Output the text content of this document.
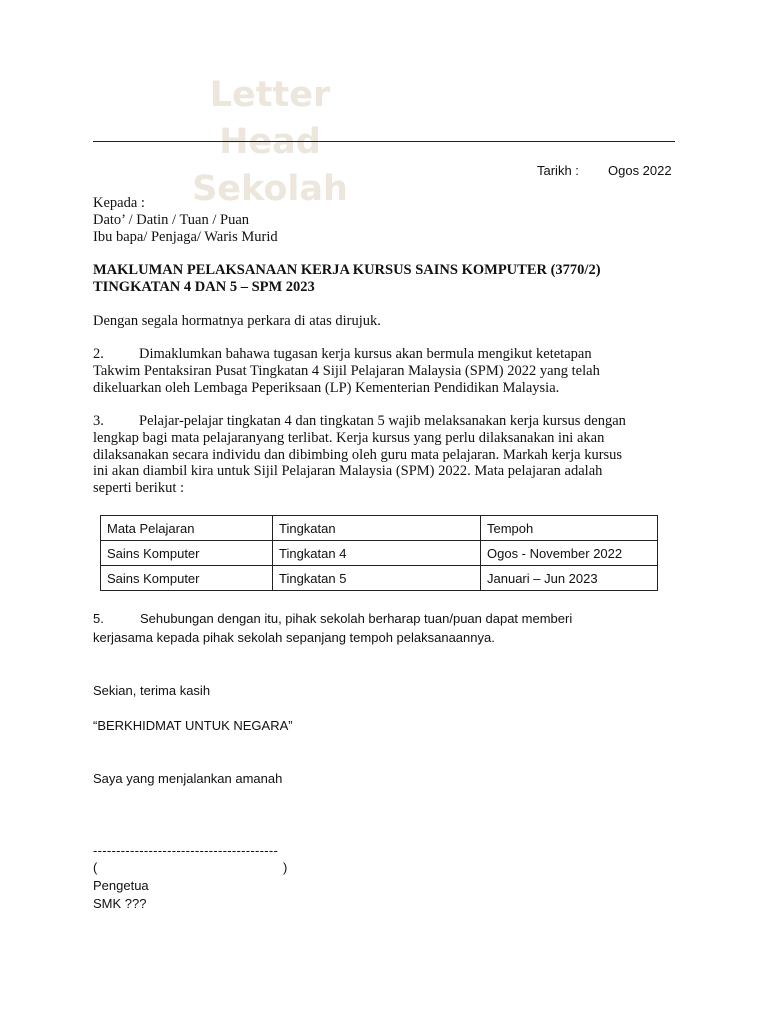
Letter
Head
Sekolah	Tarikh : Ogos 2022
Kepada :
Dato’ / Datin / Tuan / Puan
Ibu bapa/ Penjaga/ Waris Murid
MAKLUMAN PELAKSANAAN KERJA KURSUS SAINS KOMPUTER (3770/2)
TINGKATAN 4 DAN 5 – SPM 2023
Dengan segala hormatnya perkara di atas dirujuk.
2. Dimaklumkan bahawa tugasan kerja kursus akan bermula mengikut ketetapan
Takwim Pentaksiran Pusat Tingkatan 4 Sijil Pelajaran Malaysia (SPM) 2022 yang telah
dikeluarkan oleh Lembaga Peperiksaan (LP) Kementerian Pendidikan Malaysia.
3. Pelajar-pelajar tingkatan 4 dan tingkatan 5 wajib melaksanakan kerja kursus dengan
lengkap bagi mata pelajaranyang terlibat. Kerja kursus yang perlu dilaksanakan ini akan
dilaksanakan secara individu dan dibimbing oleh guru mata pelajaran. Markah kerja kursus
ini akan diambil kira untuk Sijil Pelajaran Malaysia (SPM) 2022. Mata pelajaran adalah
seperti berikut :
Mata Pelajaran	Tingkatan	Tempoh
Sains Komputer	Tingkatan 4	Ogos - November 2022
Sains Komputer	Tingkatan 5	Januari – Jun 2023
5.	Sehubungan dengan itu, pihak sekolah berharap tuan/puan dapat memberi
kerjasama kepada pihak sekolah sepanjang tempoh pelaksanaannya.
Sekian, terima kasih
“BERKHIDMAT UNTUK NEGARA”
Saya yang menjalankan amanah
----------------------------------------
(	)
Pengetua
SMK ???
